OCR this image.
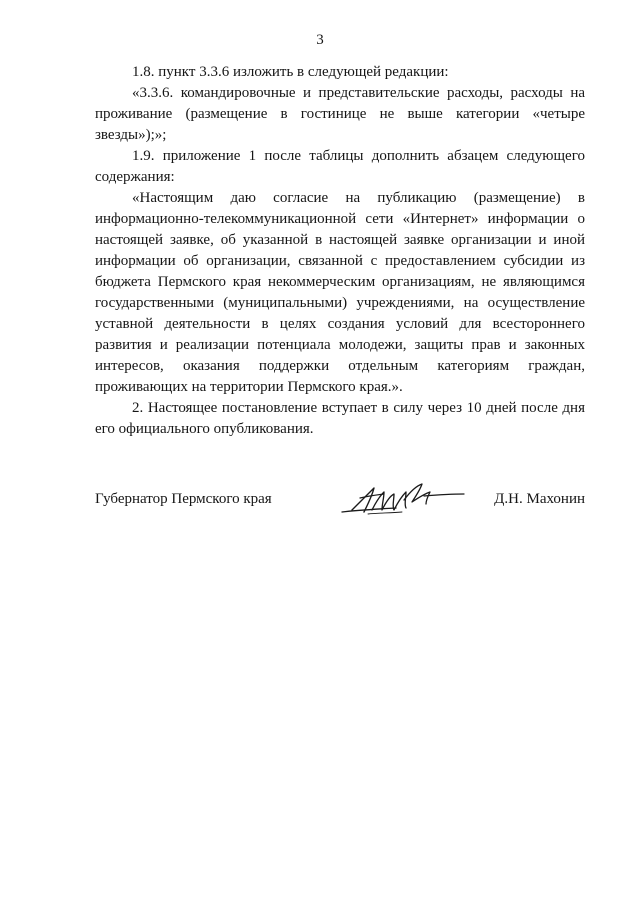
3

1.8. пункт 3.3.6 изложить в следующей редакции:

«3.3.6. командировочные и представительские расходы, расходы на проживание (размещение в гостинице не выше категории «четыре звезды»);»;

1.9. приложение 1 после таблицы дополнить абзацем следующего содержания:

«Настоящим даю согласие на публикацию (размещение) в информационно-телекоммуникационной сети «Интернет» информации о настоящей заявке, об указанной в настоящей заявке организации и иной информации об организации, связанной с предоставлением субсидии из бюджета Пермского края некоммерческим организациям, не являющимся государственными (муниципальными) учреждениями, на осуществление уставной деятельности в целях создания условий для всестороннего развития и реализации потенциала молодежи, защиты прав и законных интересов, оказания поддержки отдельным категориям граждан, проживающих на территории Пермского края.».

2. Настоящее постановление вступает в силу через 10 дней после дня его официального опубликования.

Губернатор Пермского края	Д.Н. Махонин
